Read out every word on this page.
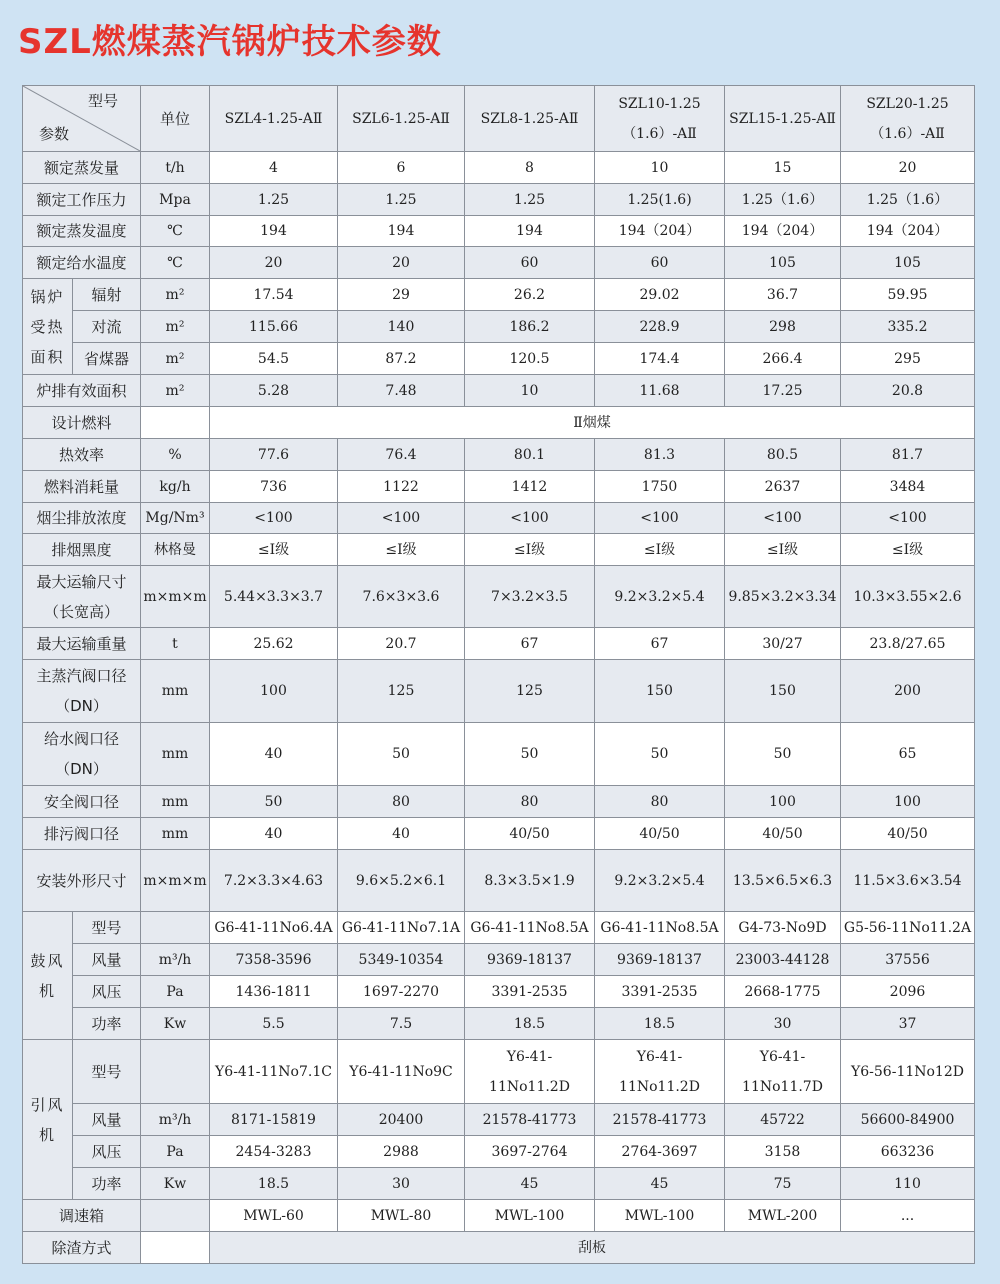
SZL燃煤蒸汽锅炉技术参数
型号
参数		单位	SZL4-1.25-AⅡ	SZL6-1.25-AⅡ	SZL8-1.25-AⅡ	SZL10-1.25（1.6）-AⅡ	SZL15-1.25-AⅡ	SZL20-1.25（1.6）-AⅡ
额定蒸发量		t/h	4	6	8	10	15	20
额定工作压力		Mpa	1.25	1.25	1.25	1.25(1.6)	1.25（1.6）	1.25（1.6）
额定蒸发温度		℃	194	194	194	194（204）	194（204）	194（204）
额定给水温度		℃	20	20	60	60	105	105
锅炉受热面积	辐射	m²	17.54	29	26.2	29.02	36.7	59.95
	对流	m²	115.66	140	186.2	228.9	298	335.2
	省煤器	m²	54.5	87.2	120.5	174.4	266.4	295
炉排有效面积		m²	5.28	7.48	10	11.68	17.25	20.8
设计燃料			Ⅱ烟煤					
热效率		%	77.6	76.4	80.1	81.3	80.5	81.7
燃料消耗量		kg/h	736	1122	1412	1750	2637	3484
烟尘排放浓度		Mg/Nm³	<100	<100	<100	<100	<100	<100
排烟黑度		林格曼	≤Ⅰ级	≤Ⅰ级	≤Ⅰ级	≤Ⅰ级	≤Ⅰ级	≤Ⅰ级
最大运输尺寸（长宽高）		m×m×m	5.44×3.3×3.7	7.6×3×3.6	7×3.2×3.5	9.2×3.2×5.4	9.85×3.2×3.34	10.3×3.55×2.6
最大运输重量		t	25.62	20.7	67	67	30/27	23.8/27.65
主蒸汽阀口径（DN）		mm	100	125	125	150	150	200
给水阀口径（DN）		mm	40	50	50	50	50	65
安全阀口径		mm	50	80	80	80	100	100
排污阀口径		mm	40	40	40/50	40/50	40/50	40/50
安装外形尺寸		m×m×m	7.2×3.3×4.63	9.6×5.2×6.1	8.3×3.5×1.9	9.2×3.2×5.4	13.5×6.5×6.3	11.5×3.6×3.54
鼓风机	型号		G6-41-11No6.4A	G6-41-11No7.1A	G6-41-11No8.5A	G6-41-11No8.5A	G4-73-No9D	G5-56-11No11.2A
	风量	m³/h	7358-3596	5349-10354	9369-18137	9369-18137	23003-44128	37556
	风压	Pa	1436-1811	1697-2270	3391-2535	3391-2535	2668-1775	2096
	功率	Kw	5.5	7.5	18.5	18.5	30	37
引风机	型号		Y6-41-11No7.1C	Y6-41-11No9C	Y6-41-11No11.2D	Y6-41-11No11.2D	Y6-41-11No11.7D	Y6-56-11No12D
	风量	m³/h	8171-15819	20400	21578-41773	21578-41773	45722	56600-84900
	风压	Pa	2454-3283	2988	3697-2764	2764-3697	3158	663236
	功率	Kw	18.5	30	45	45	75	110
调速箱			MWL-60	MWL-80	MWL-100	MWL-100	MWL-200	...
除渣方式			刮板					
